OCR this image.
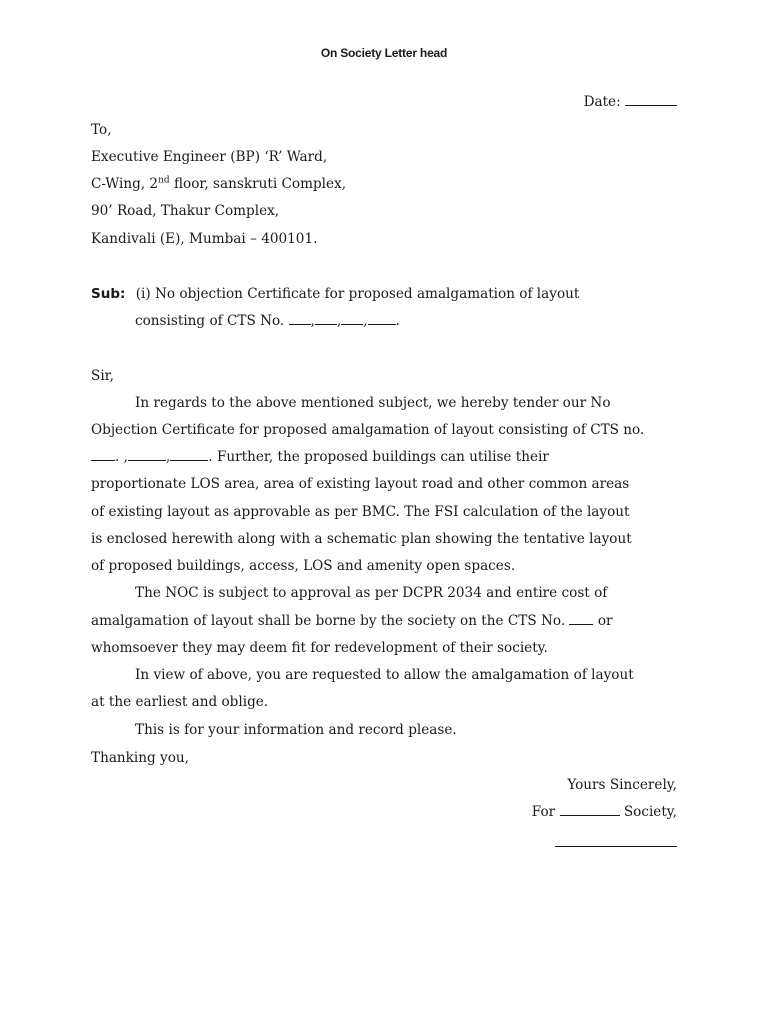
On Society Letter head
Date:
To,
Executive Engineer (BP) ‘R’ Ward,
C-Wing, 2nd floor, sanskruti Complex,
90’ Road, Thakur Complex,
Kandivali (E), Mumbai – 400101.
Sub: (i) No objection Certificate for proposed amalgamation of layout
consisting of CTS No. , , , .
Sir,
In regards to the above mentioned subject, we hereby tender our No
Objection Certificate for proposed amalgamation of layout consisting of CTS no.
. ,	,	. Further, the proposed buildings can utilise their
proportionate LOS area, area of existing layout road and other common areas
of existing layout as approvable as per BMC. The FSI calculation of the layout
is enclosed herewith along with a schematic plan showing the tentative layout
of proposed buildings, access, LOS and amenity open spaces.
The NOC is subject to approval as per DCPR 2034 and entire cost of
amalgamation of layout shall be borne by the society on the CTS No. or
whomsoever they may deem fit for redevelopment of their society.
In view of above, you are requested to allow the amalgamation of layout
at the earliest and oblige.
This is for your information and record please.
Thanking you,
Yours Sincerely,
For	Society,
